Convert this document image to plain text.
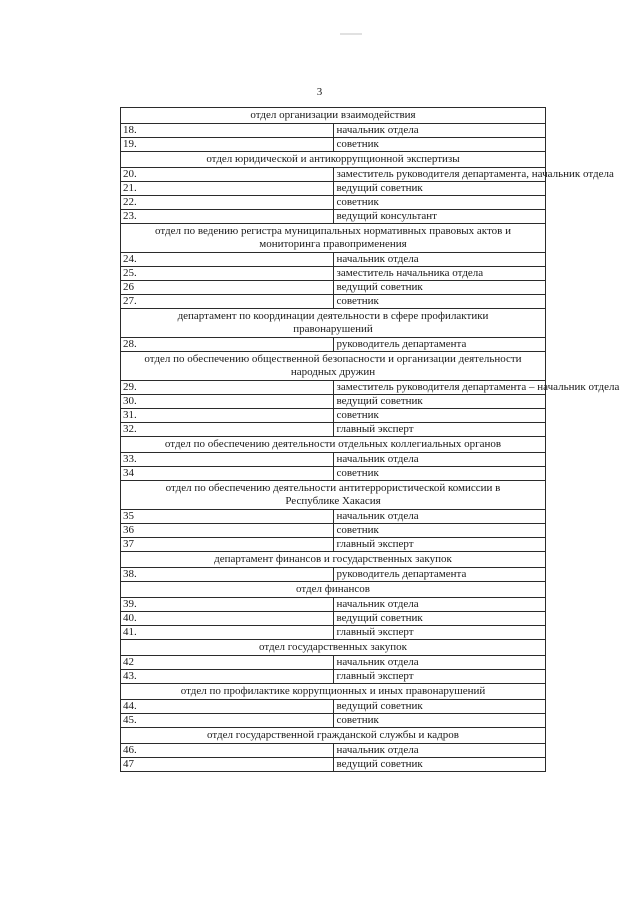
3
отдел организации взаимодействия	
18.	начальник отдела
19.	советник
отдел юридической и антикоррупционной экспертизы	
20.	заместитель руководителя департамента, начальник отдела
21.	ведущий советник
22.	советник
23.	ведущий консультант
отдел по ведению регистра муниципальных нормативных правовых актов и мониторинга правоприменения	
24.	начальник отдела
25.	заместитель начальника отдела
26	ведущий советник
27.	советник
департамент по координации деятельности в сфере профилактики правонарушений	
28.	руководитель департамента
отдел по обеспечению общественной безопасности и организации деятельности народных дружин	
29.	заместитель руководителя департамента – начальник отдела
30.	ведущий советник
31.	советник
32.	главный эксперт
отдел по обеспечению деятельности отдельных коллегиальных органов	
33.	начальник отдела
34	советник
отдел по обеспечению деятельности антитеррористической комиссии в Республике Хакасия	
35	начальник отдела
36	советник
37	главный эксперт
департамент финансов и государственных закупок	
38.	руководитель департамента
отдел финансов	
39.	начальник отдела
40.	ведущий советник
41.	главный эксперт
отдел государственных закупок	
42	начальник отдела
43.	главный эксперт
отдел по профилактике коррупционных и иных правонарушений	
44.	ведущий советник
45.	советник
отдел государственной гражданской службы и кадров	
46.	начальник отдела
47	ведущий советник
